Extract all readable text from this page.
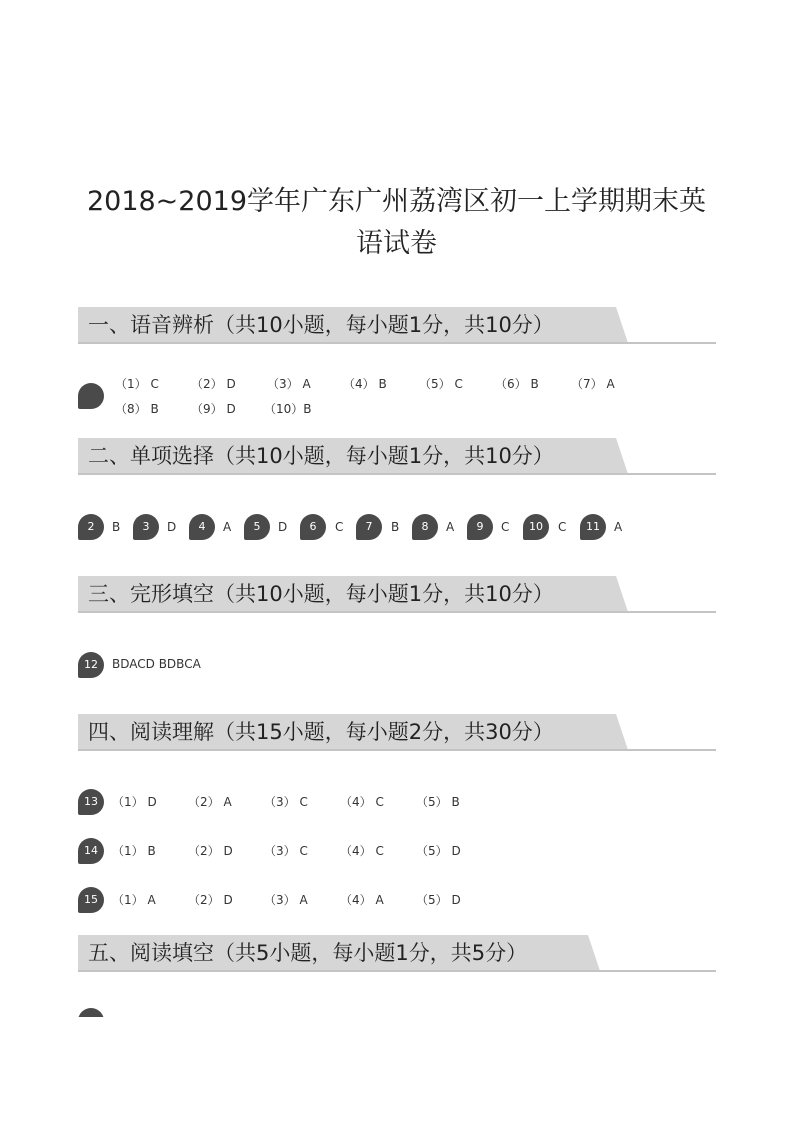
2018~2019学年广东广州荔湾区初一上学期期末英
语试卷
一、语音辨析（共10小题，每小题1分，共10分）
（1） C	（2） D	（3） A	（4） B	（5） C	（6） B	（7） A
（8） B	（9） D （10）B
二、单项选择（共10小题，每小题1分，共10分）
2	B	3	D	4	A	5	D	6	C	7	B	8	A	9	C	10	C	11	A
三、完形填空（共10小题，每小题1分，共10分）
12	BDACD BDBCA
四、阅读理解（共15小题，每小题2分，共30分）
13	（1） D	（2） A	（3） C	（4） C	（5） B
14	（1） B	（2） D	（3） C	（4） C	（5） D
15	（1） A	（2） D	（3） A	（4） A	（5） D
五、阅读填空（共5小题，每小题1分，共5分）
